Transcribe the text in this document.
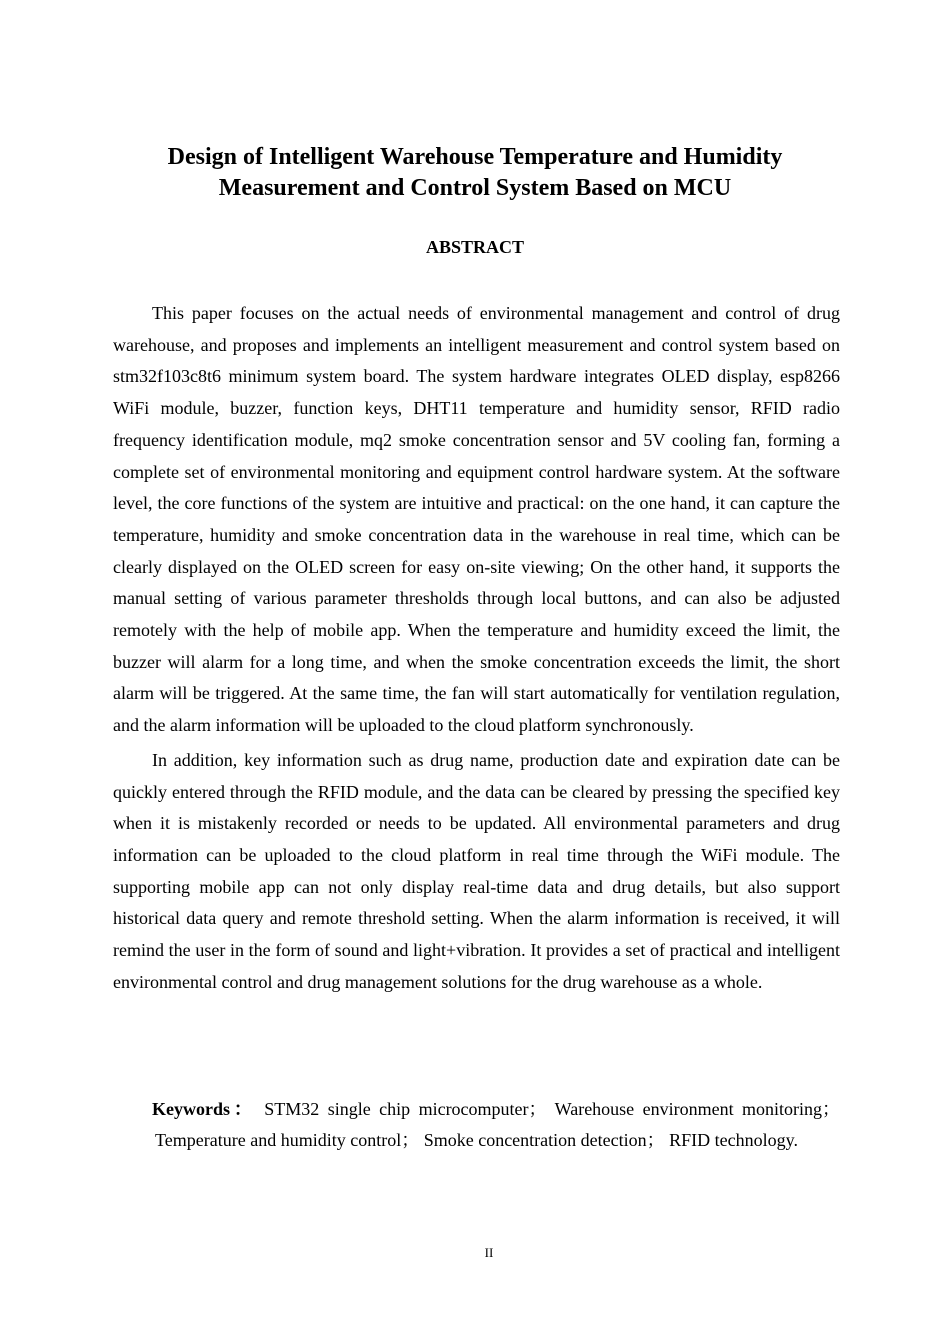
Design of Intelligent Warehouse Temperature and Humidity
Measurement and Control System Based on MCU
ABSTRACT

This paper focuses on the actual needs of environmental management and control of drug warehouse, and proposes and implements an intelligent measurement and control system based on stm32f103c8t6 minimum system board. The system hardware integrates OLED display, esp8266 WiFi module, buzzer, function keys, DHT11 temperature and humidity sensor, RFID radio frequency identification module, mq2 smoke concentration sensor and 5V cooling fan, forming a complete set of environmental monitoring and equipment control hardware system. At the software level, the core functions of the system are intuitive and practical: on the one hand, it can capture the temperature, humidity and smoke concentration data in the warehouse in real time, which can be clearly displayed on the OLED screen for easy on-site viewing; On the other hand, it supports the manual setting of various parameter thresholds through local buttons, and can also be adjusted remotely with the help of mobile app. When the temperature and humidity exceed the limit, the buzzer will alarm for a long time, and when the smoke concentration exceeds the limit, the short alarm will be triggered. At the same time, the fan will start automatically for ventilation regulation, and the alarm information will be uploaded to the cloud platform synchronously.

In addition, key information such as drug name, production date and expiration date can be quickly entered through the RFID module, and the data can be cleared by pressing the specified key when it is mistakenly recorded or needs to be updated. All environmental parameters and drug information can be uploaded to the cloud platform in real time through the WiFi module. The supporting mobile app can not only display real-time data and drug details, but also support historical data query and remote threshold setting. When the alarm information is received, it will remind the user in the form of sound and light+vibration. It provides a set of practical and intelligent environmental control and drug management solutions for the drug warehouse as a whole.

Keywords： STM32 single chip microcomputer； Warehouse environment monitoring； Temperature and humidity control； Smoke concentration detection； RFID technology.
II
